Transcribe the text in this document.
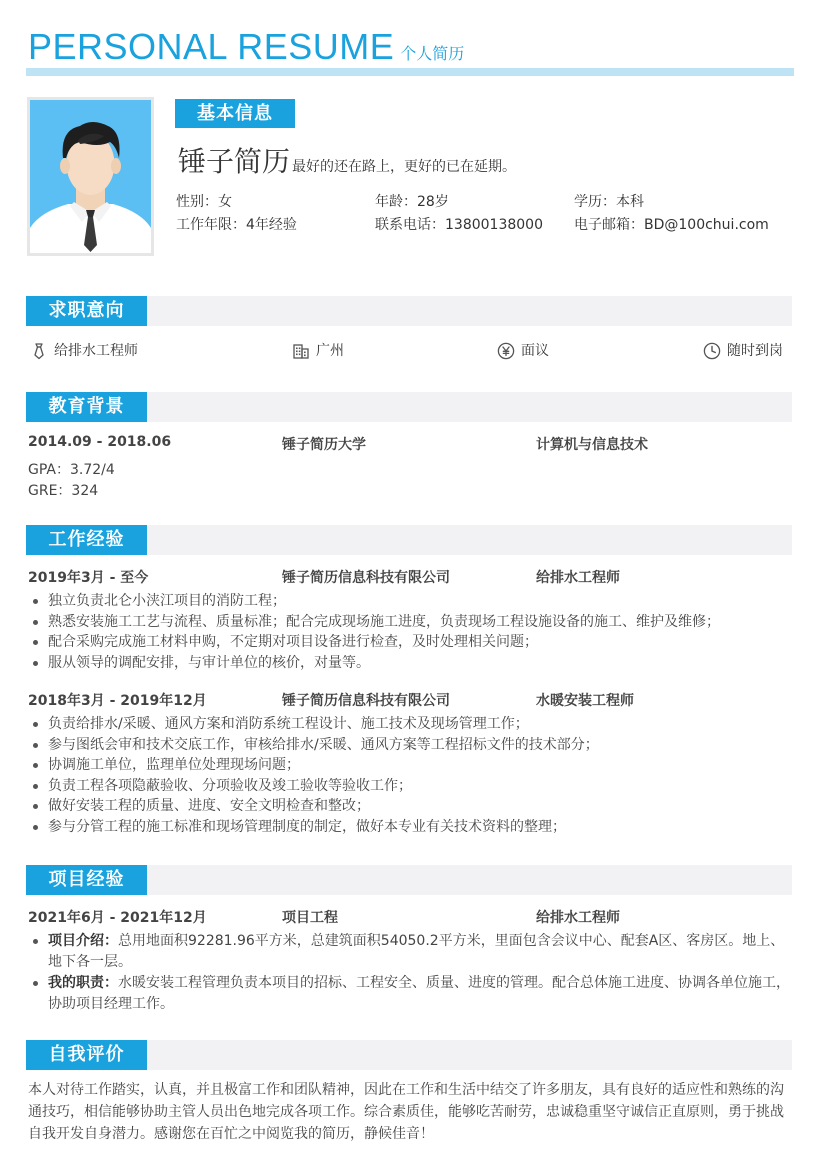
PERSONAL RESUME 个人简历
基本信息
锤子简历 最好的还在路上，更好的已在延期。
性别：女	年龄：28岁	学历：本科
工作年限：4年经验	联系电话：13800138000 电子邮箱：BD@100chui.com
求职意向
给排水工程师	广州	面议	随时到岗
教育背景
2014.09 - 2018.06	锤子简历大学	计算机与信息技术
GPA：3.72/4
GRE：324
工作经验
2019年3月 - 至今	锤子简历信息科技有限公司	给排水工程师
独立负责北仑小浃江项目的消防工程；
熟悉安装施工工艺与流程、质量标准；配合完成现场施工进度，负责现场工程设施设备的施工、维护及维修；
配合采购完成施工材料申购，不定期对项目设备进行检查，及时处理相关问题；
服从领导的调配安排，与审计单位的核价，对量等。
2018年3月 - 2019年12月	锤子简历信息科技有限公司	水暖安装工程师
负责给排水/采暖、通风方案和消防系统工程设计、施工技术及现场管理工作；
参与图纸会审和技术交底工作，审核给排水/采暖、通风方案等工程招标文件的技术部分；
协调施工单位，监理单位处理现场问题；
负责工程各项隐蔽验收、分项验收及竣工验收等验收工作；
做好安装工程的质量、进度、安全文明检查和整改；
参与分管工程的施工标准和现场管理制度的制定，做好本专业有关技术资料的整理；
项目经验
2021年6月 - 2021年12月	项目工程	给排水工程师
项目介绍：总用地面积92281.96平方米，总建筑面积54050.2平方米，里面包含会议中心、配套A区、客房区。地上、地下各一层。
我的职责：水暖安装工程管理负责本项目的招标、工程安全、质量、进度的管理。配合总体施工进度、协调各单位施工，协助项目经理工作。
自我评价
本人对待工作踏实，认真，并且极富工作和团队精神，因此在工作和生活中结交了许多朋友，具有良好的适应性和熟练的沟通技巧，相信能够协助主管人员出色地完成各项工作。综合素质佳，能够吃苦耐劳，忠诚稳重坚守诚信正直原则，勇于挑战自我开发自身潜力。感谢您在百忙之中阅览我的简历，静候佳音！
